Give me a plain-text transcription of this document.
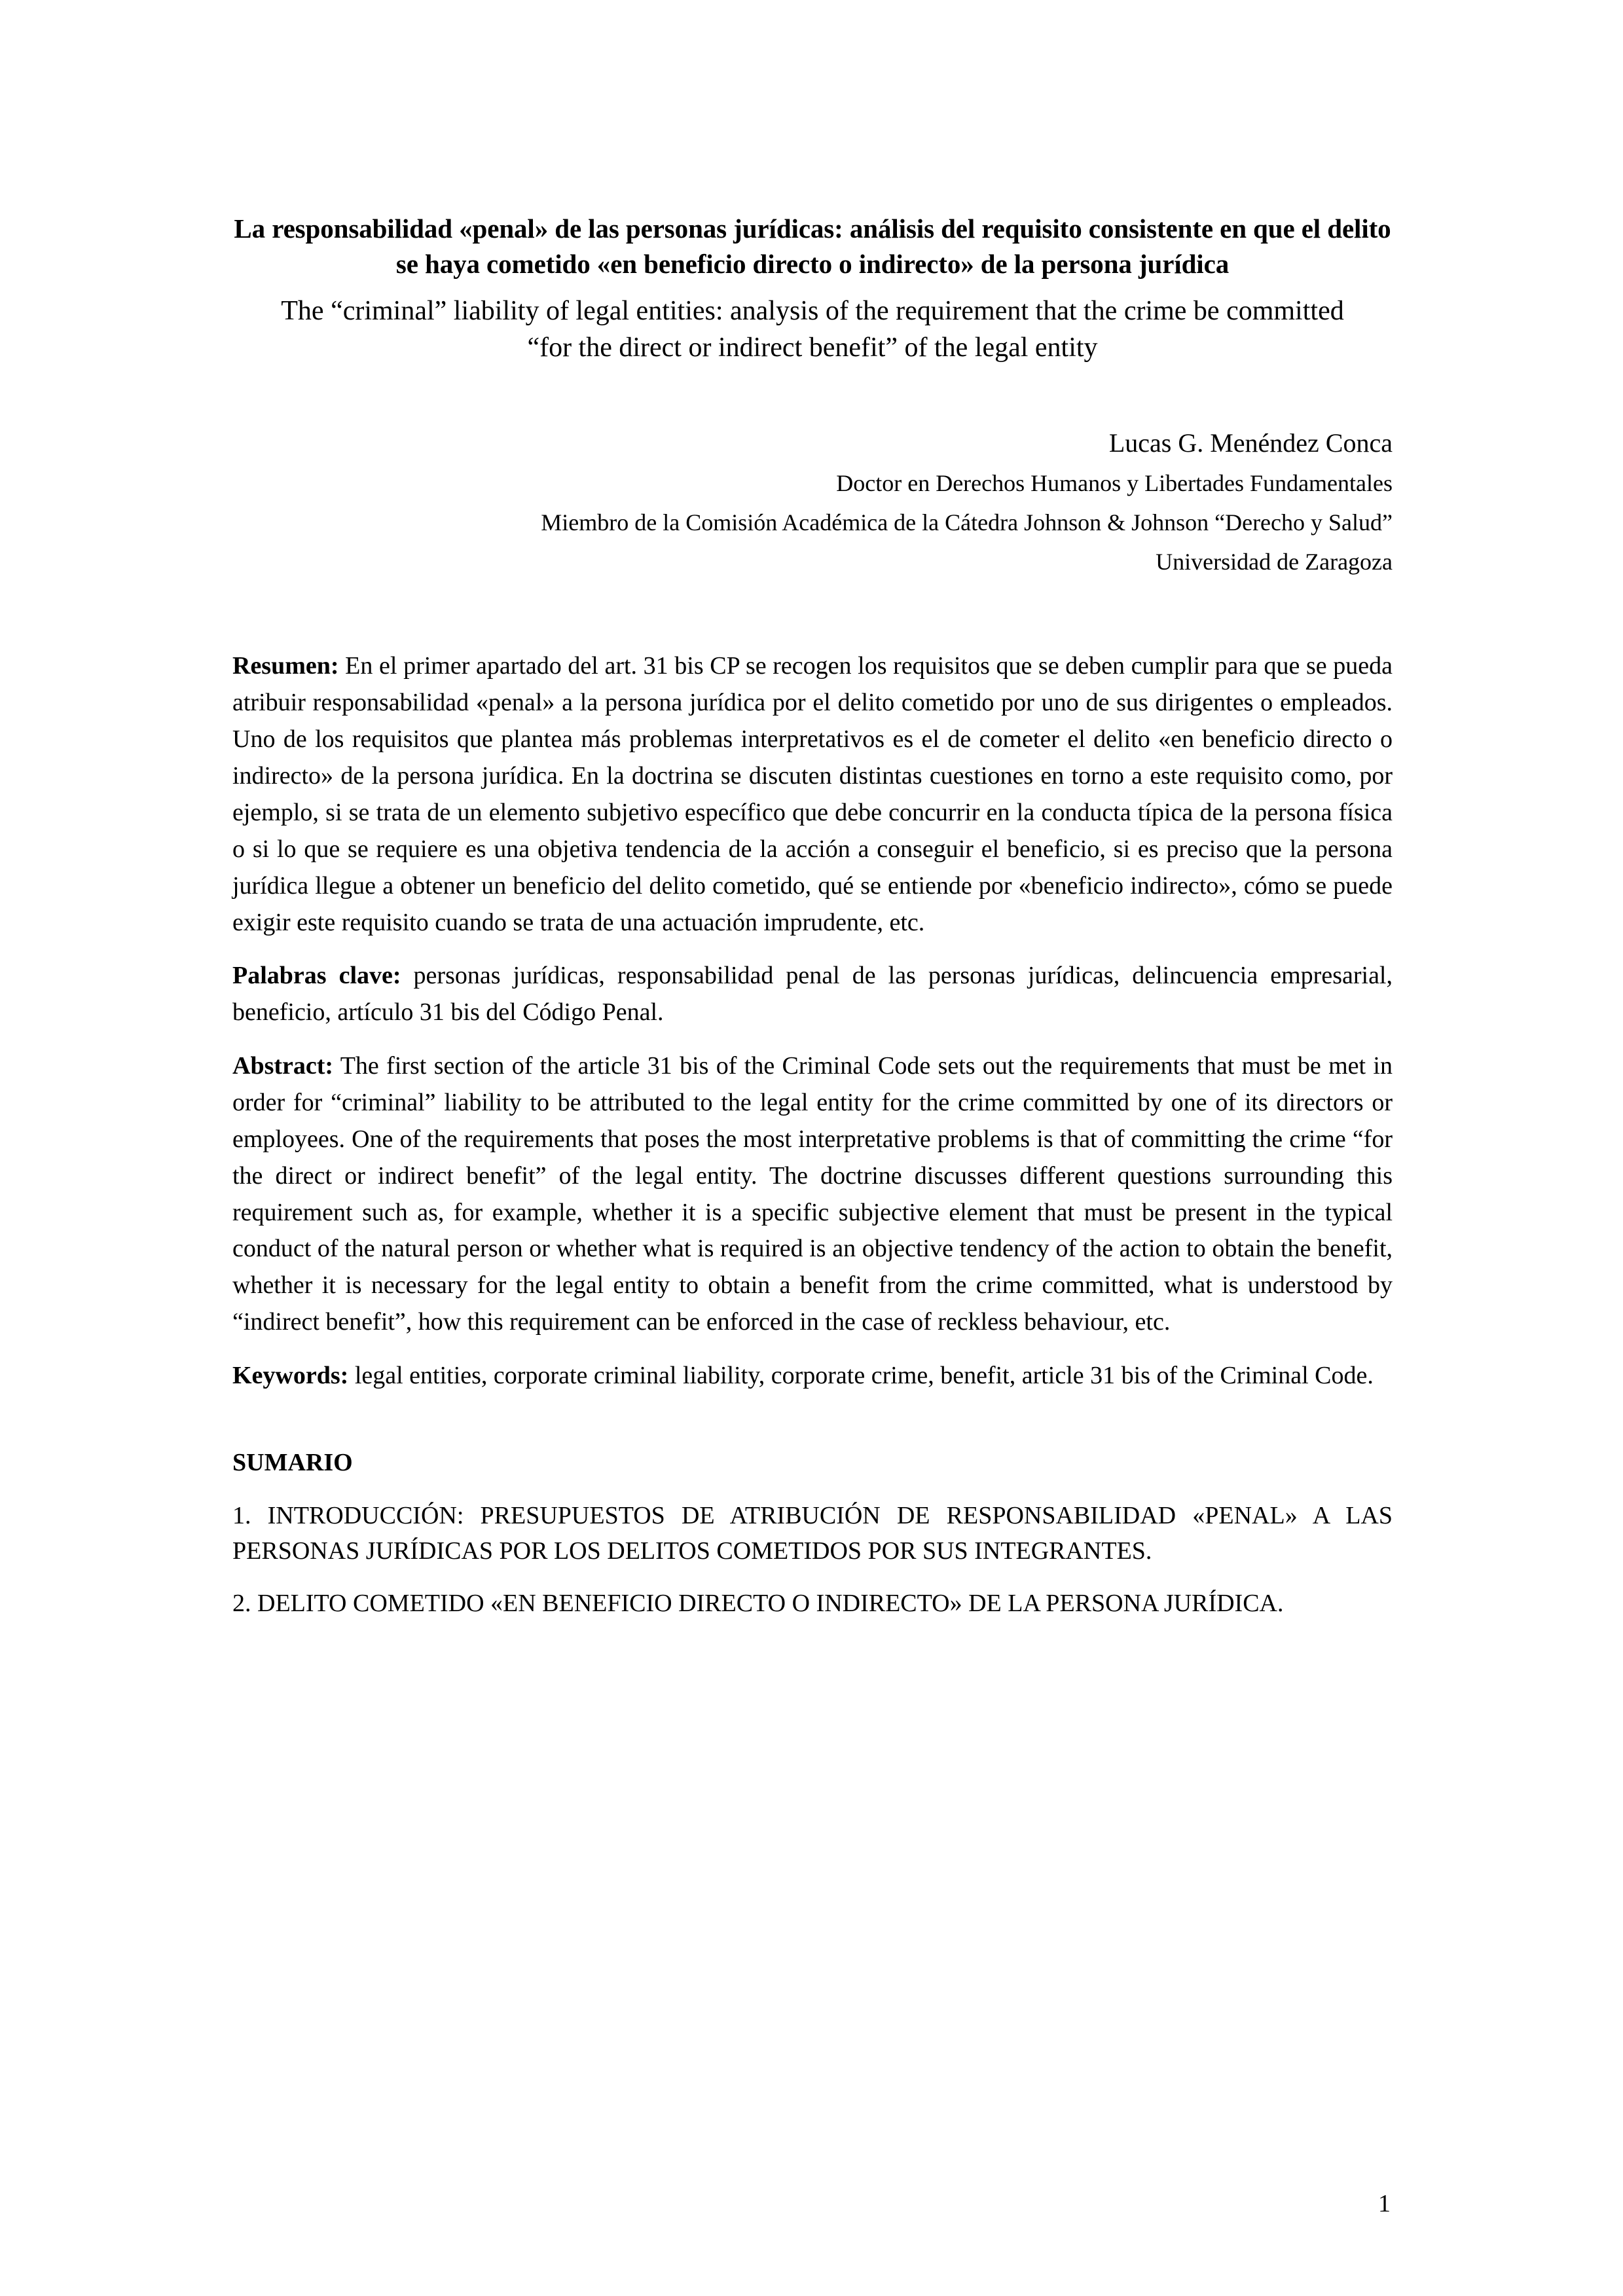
La responsabilidad «penal» de las personas jurídicas: análisis del requisito consistente en que el delito se haya cometido «en beneficio directo o indirecto» de la persona jurídica
The “criminal” liability of legal entities: analysis of the requirement that the crime be committed “for the direct or indirect benefit” of the legal entity
Lucas G. Menéndez Conca
Doctor en Derechos Humanos y Libertades Fundamentales
Miembro de la Comisión Académica de la Cátedra Johnson & Johnson “Derecho y Salud”
Universidad de Zaragoza

Resumen: En el primer apartado del art. 31 bis CP se recogen los requisitos que se deben cumplir para que se pueda atribuir responsabilidad «penal» a la persona jurídica por el delito cometido por uno de sus dirigentes o empleados. Uno de los requisitos que plantea más problemas interpretativos es el de cometer el delito «en beneficio directo o indirecto» de la persona jurídica. En la doctrina se discuten distintas cuestiones en torno a este requisito como, por ejemplo, si se trata de un elemento subjetivo específico que debe concurrir en la conducta típica de la persona física o si lo que se requiere es una objetiva tendencia de la acción a conseguir el beneficio, si es preciso que la persona jurídica llegue a obtener un beneficio del delito cometido, qué se entiende por «beneficio indirecto», cómo se puede exigir este requisito cuando se trata de una actuación imprudente, etc.

Palabras clave: personas jurídicas, responsabilidad penal de las personas jurídicas, delincuencia empresarial, beneficio, artículo 31 bis del Código Penal.

Abstract: The first section of the article 31 bis of the Criminal Code sets out the requirements that must be met in order for “criminal” liability to be attributed to the legal entity for the crime committed by one of its directors or employees. One of the requirements that poses the most interpretative problems is that of committing the crime “for the direct or indirect benefit” of the legal entity. The doctrine discusses different questions surrounding this requirement such as, for example, whether it is a specific subjective element that must be present in the typical conduct of the natural person or whether what is required is an objective tendency of the action to obtain the benefit, whether it is necessary for the legal entity to obtain a benefit from the crime committed, what is understood by “indirect benefit”, how this requirement can be enforced in the case of reckless behaviour, etc.

Keywords: legal entities, corporate criminal liability, corporate crime, benefit, article 31 bis of the Criminal Code.

SUMARIO

1. INTRODUCCIÓN: PRESUPUESTOS DE ATRIBUCIÓN DE RESPONSABILIDAD «PENAL» A LAS PERSONAS JURÍDICAS POR LOS DELITOS COMETIDOS POR SUS INTEGRANTES.

2. DELITO COMETIDO «EN BENEFICIO DIRECTO O INDIRECTO» DE LA PERSONA JURÍDICA.

1
